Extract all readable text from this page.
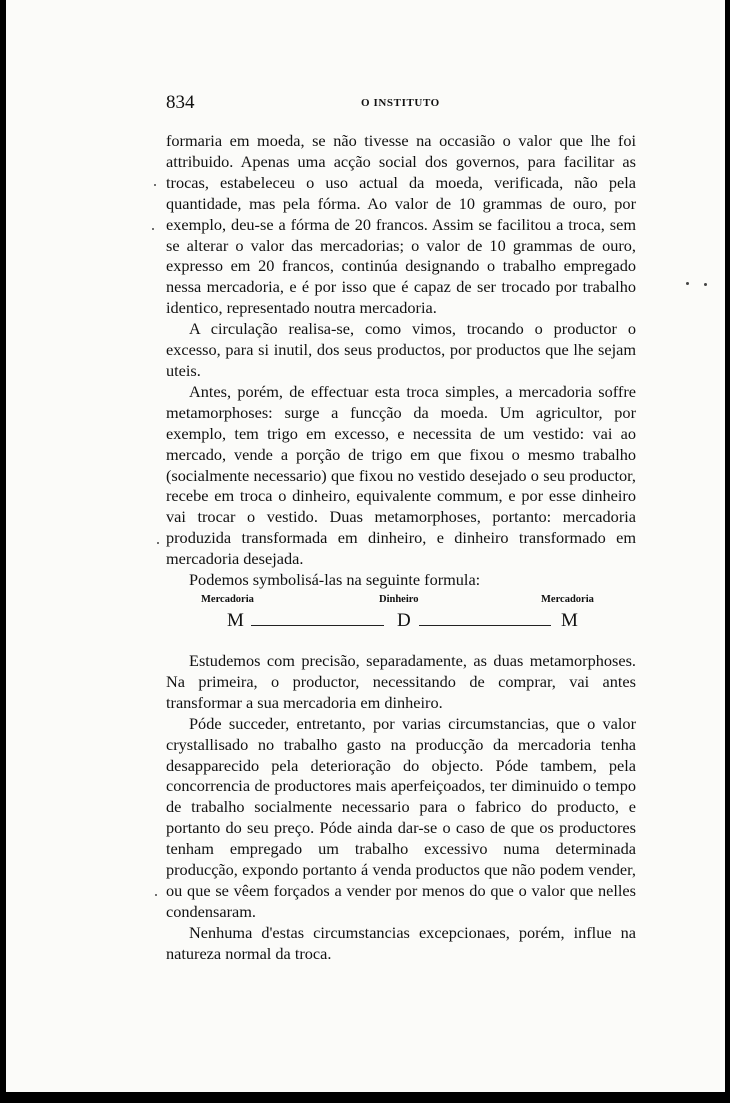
834	O INSTITUTO

formaria em moeda, se não tivesse na occasião o valor que lhe foi attribuido. Apenas uma acção social dos governos, para facilitar as trocas, estabeleceu o uso actual da moeda, verificada, não pela quantidade, mas pela fórma. Ao valor de 10 grammas de ouro, por exemplo, deu-se a fórma de 20 francos. Assim se facilitou a troca, sem se alterar o valor das mercadorias; o valor de 10 grammas de ouro, expresso em 20 francos, continúa designando o trabalho empregado nessa mercadoria, e é por isso que é capaz de ser trocado por trabalho identico, representado noutra mercadoria.

A circulação realisa-se, como vimos, trocando o productor o excesso, para si inutil, dos seus productos, por productos que lhe sejam uteis.

Antes, porém, de effectuar esta troca simples, a mercadoria soffre metamorphoses: surge a funcção da moeda. Um agricultor, por exemplo, tem trigo em excesso, e necessita de um vestido: vai ao mercado, vende a porção de trigo em que fixou o mesmo trabalho (socialmente necessario) que fixou no vestido desejado o seu productor, recebe em troca o dinheiro, equivalente commum, e por esse dinheiro vai trocar o vestido. Duas metamorphoses, portanto: mercadoria produzida transformada em dinheiro, e dinheiro transformado em mercadoria desejada.

Podemos symbolisá-las na seguinte formula:

Mercadoria	Dinheiro	Mercadoria
M	D	M

Estudemos com precisão, separadamente, as duas metamorphoses. Na primeira, o productor, necessitando de comprar, vai antes transformar a sua mercadoria em dinheiro.

Póde succeder, entretanto, por varias circumstancias, que o valor crystallisado no trabalho gasto na producção da mercadoria tenha desapparecido pela deterioração do objecto. Póde tambem, pela concorrencia de productores mais aperfeiçoados, ter diminuido o tempo de trabalho socialmente necessario para o fabrico do producto, e portanto do seu preço. Póde ainda dar-se o caso de que os productores tenham empregado um trabalho excessivo numa determinada producção, expondo portanto á venda productos que não podem vender, ou que se vêem forçados a vender por menos do que o valor que nelles condensaram.

Nenhuma d'estas circumstancias excepcionaes, porém, influe na natureza normal da troca.
